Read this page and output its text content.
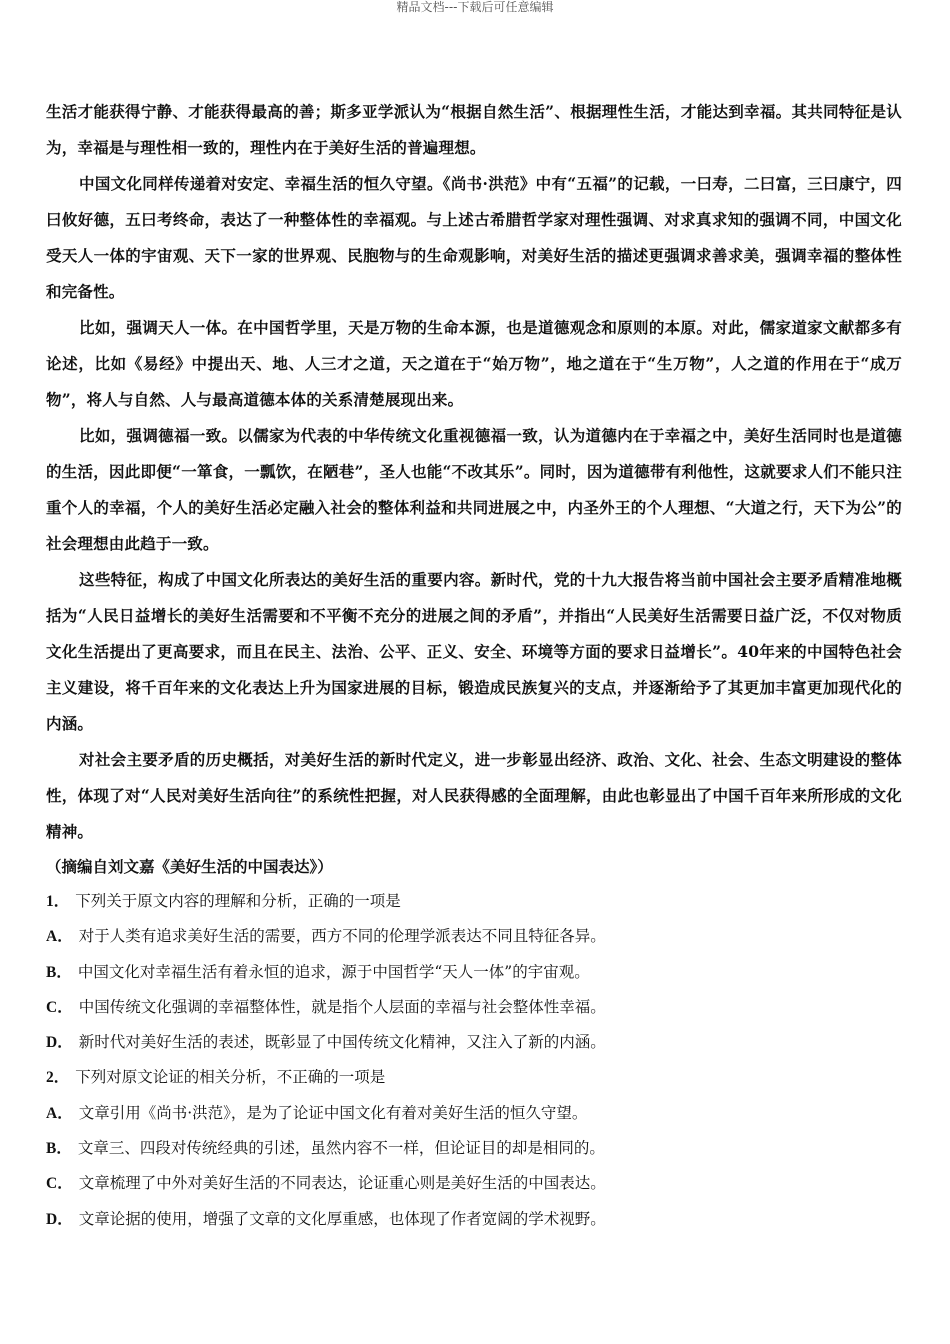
精品文档---下载后可任意编辑

生活才能获得宁静、才能获得最高的善；斯多亚学派认为“根据自然生活”、根据理性生活，才能达到幸福。其共同特征是认为，幸福是与理性相一致的，理性内在于美好生活的普遍理想。

中国文化同样传递着对安定、幸福生活的恒久守望。《尚书·洪范》中有“五福”的记载，一曰寿，二曰富，三曰康宁，四曰攸好德，五曰考终命，表达了一种整体性的幸福观。与上述古希腊哲学家对理性强调、对求真求知的强调不同，中国文化受天人一体的宇宙观、天下一家的世界观、民胞物与的生命观影响，对美好生活的描述更强调求善求美，强调幸福的整体性和完备性。

比如，强调天人一体。在中国哲学里，天是万物的生命本源，也是道德观念和原则的本原。对此，儒家道家文献都多有论述，比如《易经》中提出天、地、人三才之道，天之道在于“始万物”，地之道在于“生万物”，人之道的作用在于“成万物”，将人与自然、人与最高道德本体的关系清楚展现出来。

比如，强调德福一致。以儒家为代表的中华传统文化重视德福一致，认为道德内在于幸福之中，美好生活同时也是道德的生活，因此即便“一箪食，一瓢饮，在陋巷”，圣人也能“不改其乐”。同时，因为道德带有利他性，这就要求人们不能只注重个人的幸福，个人的美好生活必定融入社会的整体利益和共同进展之中，内圣外王的个人理想、“大道之行，天下为公”的社会理想由此趋于一致。

这些特征，构成了中国文化所表达的美好生活的重要内容。新时代，党的十九大报告将当前中国社会主要矛盾精准地概括为“人民日益增长的美好生活需要和不平衡不充分的进展之间的矛盾”，并指出“人民美好生活需要日益广泛，不仅对物质文化生活提出了更高要求，而且在民主、法治、公平、正义、安全、环境等方面的要求日益增长”。40年来的中国特色社会主义建设，将千百年来的文化表达上升为国家进展的目标，锻造成民族复兴的支点，并逐渐给予了其更加丰富更加现代化的内涵。

对社会主要矛盾的历史概括，对美好生活的新时代定义，进一步彰显出经济、政治、文化、社会、生态文明建设的整体性，体现了对“人民对美好生活向往”的系统性把握，对人民获得感的全面理解，由此也彰显出了中国千百年来所形成的文化精神。

（摘编自刘文嘉《美好生活的中国表达》）

1． 下列关于原文内容的理解和分析，正确的一项是

A． 对于人类有追求美好生活的需要，西方不同的伦理学派表达不同且特征各异。

B． 中国文化对幸福生活有着永恒的追求，源于中国哲学“天人一体”的宇宙观。

C． 中国传统文化强调的幸福整体性，就是指个人层面的幸福与社会整体性幸福。

D． 新时代对美好生活的表述，既彰显了中国传统文化精神，又注入了新的内涵。

2． 下列对原文论证的相关分析，不正确的一项是

A． 文章引用《尚书·洪范》，是为了论证中国文化有着对美好生活的恒久守望。

B． 文章三、四段对传统经典的引述，虽然内容不一样，但论证目的却是相同的。

C． 文章梳理了中外对美好生活的不同表达，论证重心则是美好生活的中国表达。

D． 文章论据的使用，增强了文章的文化厚重感，也体现了作者宽阔的学术视野。
